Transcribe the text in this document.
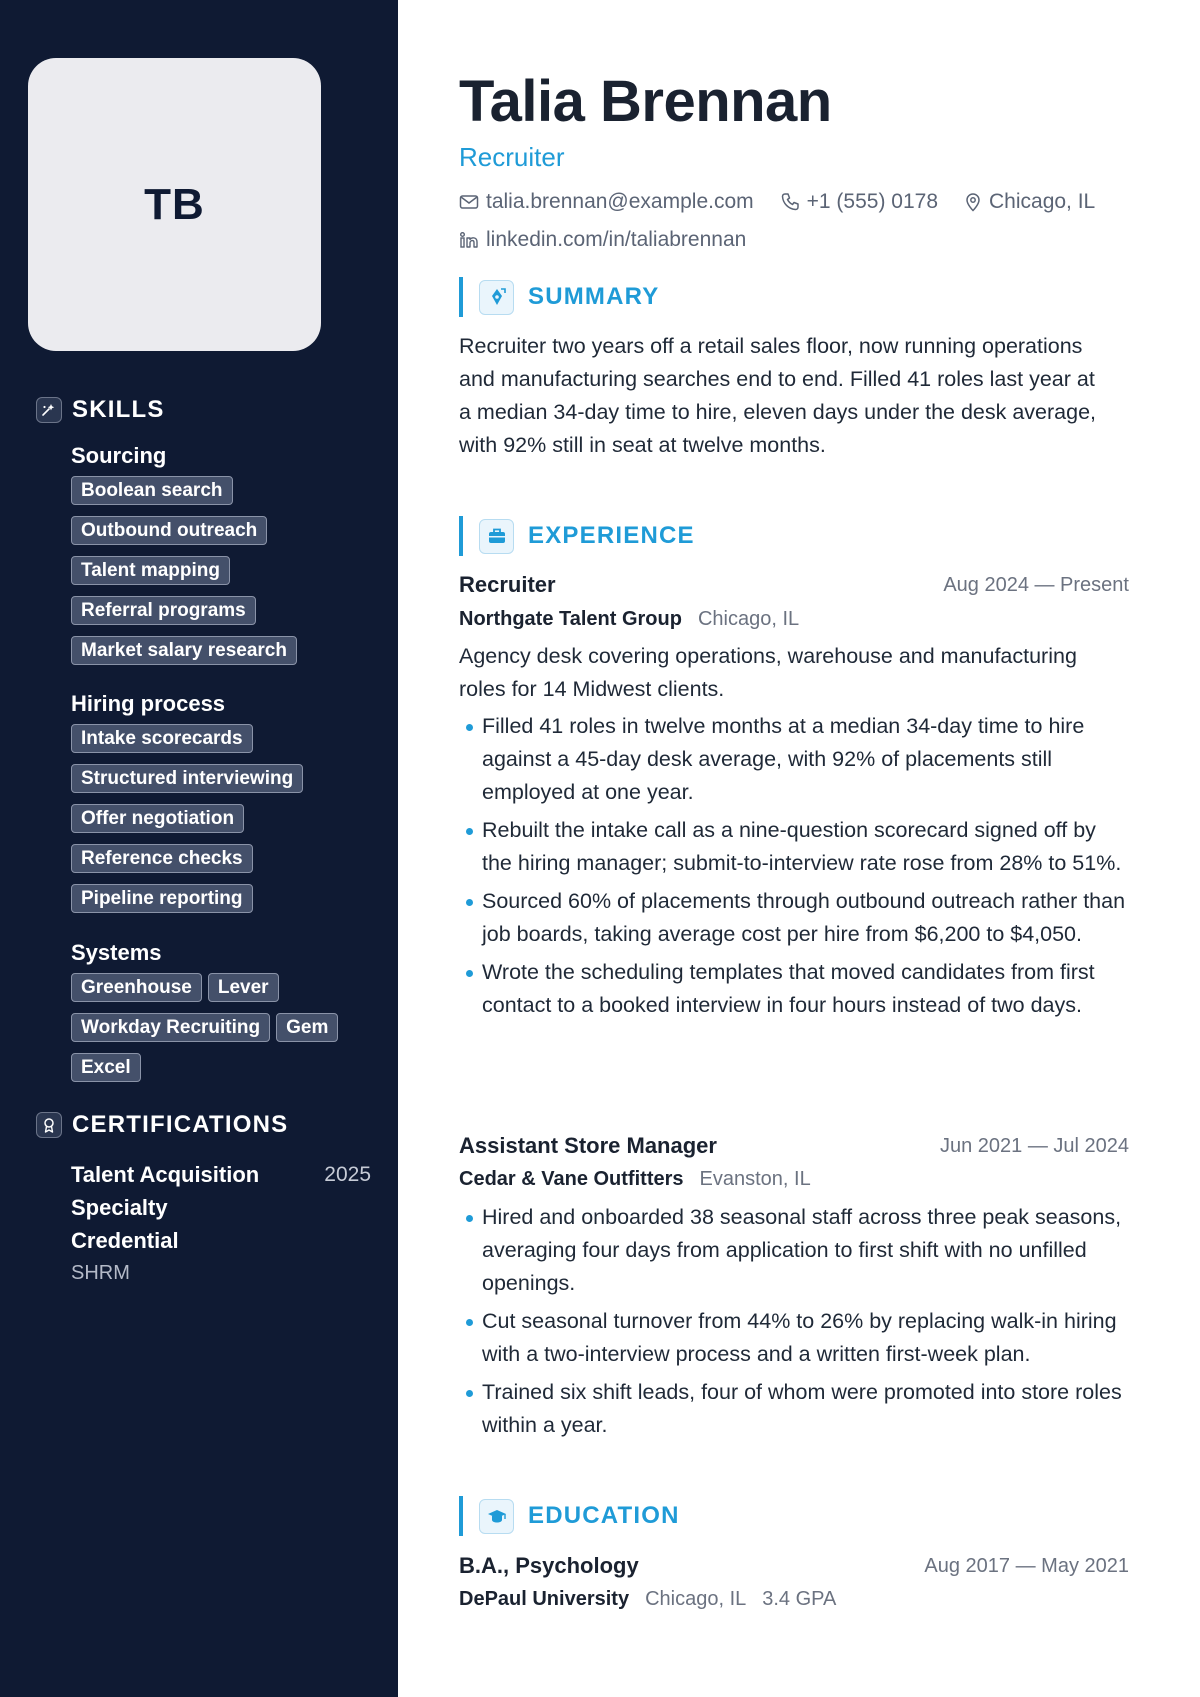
TB
SKILLS
Sourcing
Boolean search
Outbound outreach
Talent mapping
Referral programs
Market salary research
Hiring process
Intake scorecards
Structured interviewing
Offer negotiation
Reference checks
Pipeline reporting
Systems
Greenhouse	Lever
Workday Recruiting	Gem
Excel
CERTIFICATIONS
Talent Acquisition Specialty Credential
2025
SHRM
Talia Brennan
Recruiter
talia.brennan@example.com	+1 (555) 0178 Chicago, IL
linkedin.com/in/taliabrennan
SUMMARY

Recruiter two years off a retail sales floor, now running operations and manufacturing searches end to end. Filled 41 roles last year at a median 34-day time to hire, eleven days under the desk average, with 92% still in seat at twelve months.

EXPERIENCE
Recruiter	Aug 2024 — Present
Northgate Talent Group Chicago, IL

Agency desk covering operations, warehouse and manufacturing roles for 14 Midwest clients.

Filled 41 roles in twelve months at a median 34-day time to hire against a 45-day desk average, with 92% of placements still employed at one year.
Rebuilt the intake call as a nine-question scorecard signed off by the hiring manager; submit-to-interview rate rose from 28% to 51%.
Sourced 60% of placements through outbound outreach rather than job boards, taking average cost per hire from $6,200 to $4,050.
Wrote the scheduling templates that moved candidates from first contact to a booked interview in four hours instead of two days.
Assistant Store Manager	Jun 2021 — Jul 2024
Cedar & Vane Outfitters Evanston, IL
Hired and onboarded 38 seasonal staff across three peak seasons, averaging four days from application to first shift with no unfilled openings.
Cut seasonal turnover from 44% to 26% by replacing walk-in hiring with a two-interview process and a written first-week plan.
Trained six shift leads, four of whom were promoted into store roles within a year.
EDUCATION
B.A., Psychology	Aug 2017 — May 2021
DePaul University Chicago, IL 3.4 GPA
